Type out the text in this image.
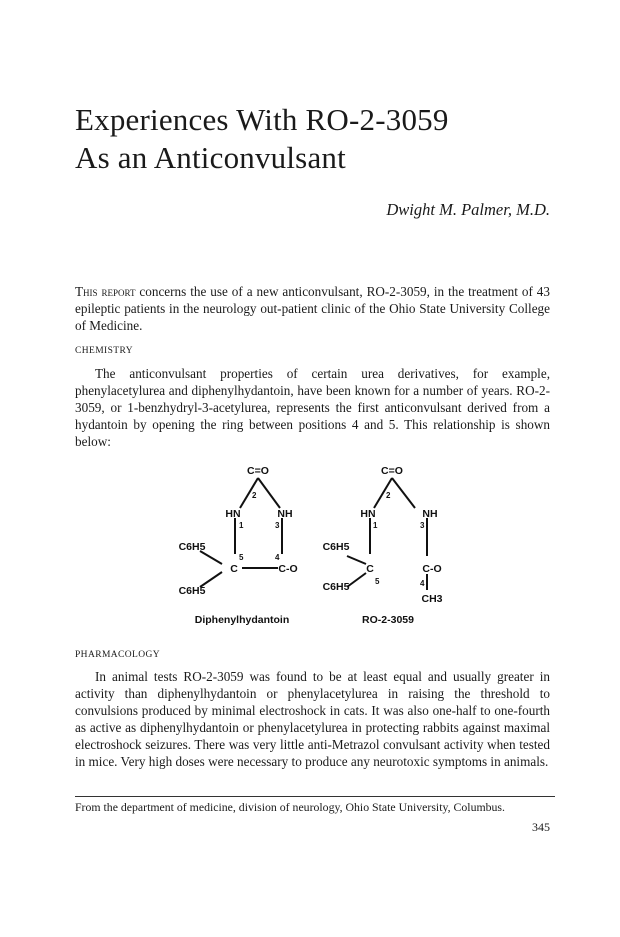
Experiences With RO-2-3059
As an Anticonvulsant
Dwight M. Palmer, M.D.

This report concerns the use of a new anticonvulsant, RO-2-3059, in the treatment of 43 epileptic patients in the neurology out-patient clinic of the Ohio State University College of Medicine.

CHEMISTRY

The anticonvulsant properties of certain urea derivatives, for example, phenylacetylurea and diphenylhydantoin, have been known for a number of years. RO-2-3059, or 1-benzhydryl-3-acetylurea, represents the first anticonvulsant derived from a hydantoin by opening the ring between positions 4 and 5. This relationship is shown below:

C=O
2
HN	NH
1	3
5	4
C6H5
C	C-O
C6H5
Diphenylhydantoin
C=O
2
HN	NH
1	3
C6H5
C
5
C-O
4
C6H5
CH3
RO-2-3059
PHARMACOLOGY

In animal tests RO-2-3059 was found to be at least equal and usually greater in activity than diphenylhydantoin or phenylacetylurea in raising the threshold to convulsions produced by minimal electroshock in cats. It was also one-half to one-fourth as active as diphenylhydantoin or phenylacetylurea in protecting rabbits against maximal electroshock seizures. There was very little anti-Metrazol convulsant activity when tested in mice. Very high doses were necessary to produce any neurotoxic symptoms in animals.

From the department of medicine, division of neurology, Ohio State University, Columbus.
345
